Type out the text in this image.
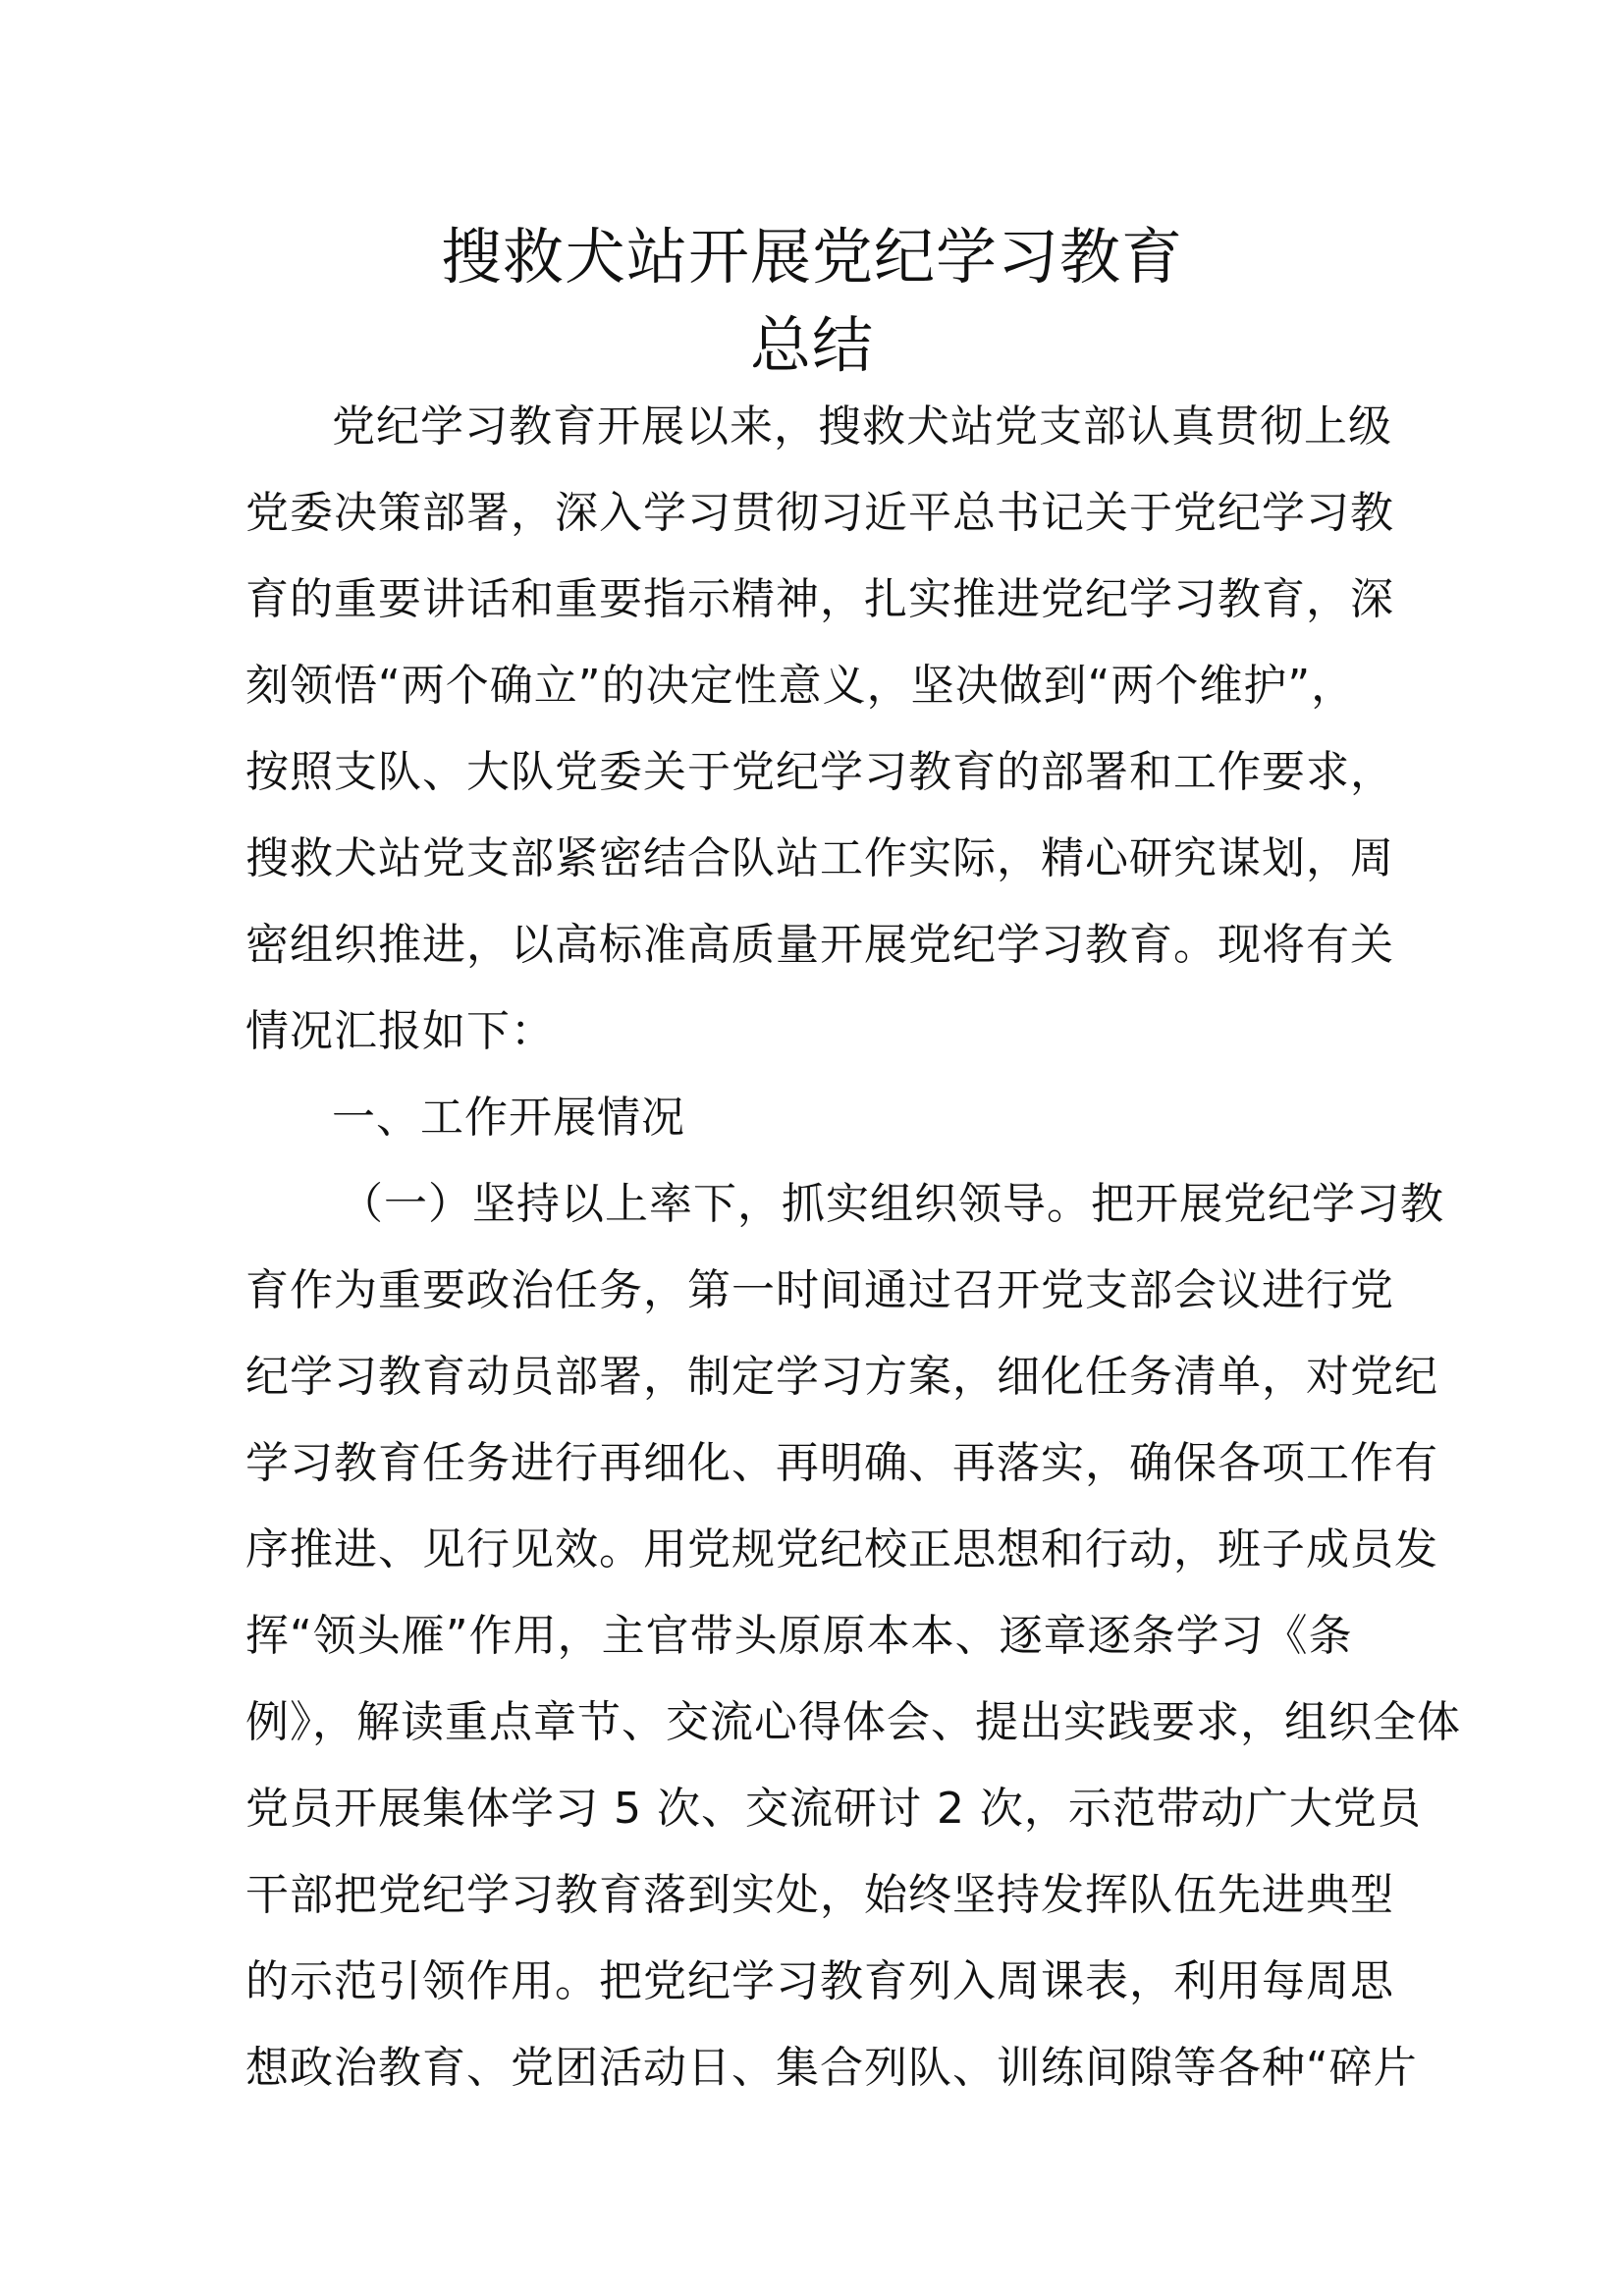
搜救犬站开展党纪学习教育
总结
党纪学习教育开展以来，搜救犬站党支部认真贯彻上级
党委决策部署，深入学习贯彻习近平总书记关于党纪学习教
育的重要讲话和重要指示精神，扎实推进党纪学习教育，深
刻领悟“两个确立”的决定性意义，坚决做到“两个维护”，
按照支队、大队党委关于党纪学习教育的部署和工作要求，
搜救犬站党支部紧密结合队站工作实际，精心研究谋划，周
密组织推进，以高标准高质量开展党纪学习教育。现将有关
情况汇报如下：
一、工作开展情况
（一）坚持以上率下，抓实组织领导。把开展党纪学习教
育作为重要政治任务，第一时间通过召开党支部会议进行党
纪学习教育动员部署，制定学习方案，细化任务清单，对党纪
学习教育任务进行再细化、再明确、再落实，确保各项工作有
序推进、见行见效。用党规党纪校正思想和行动，班子成员发
挥“领头雁”作用，主官带头原原本本、逐章逐条学习《条
例》，解读重点章节、交流心得体会、提出实践要求，组织全体
党员开展集体学习 5 次、交流研讨 2 次，示范带动广大党员
干部把党纪学习教育落到实处，始终坚持发挥队伍先进典型
的示范引领作用。把党纪学习教育列入周课表，利用每周思
想政治教育、党团活动日、集合列队、训练间隙等各种“碎片
